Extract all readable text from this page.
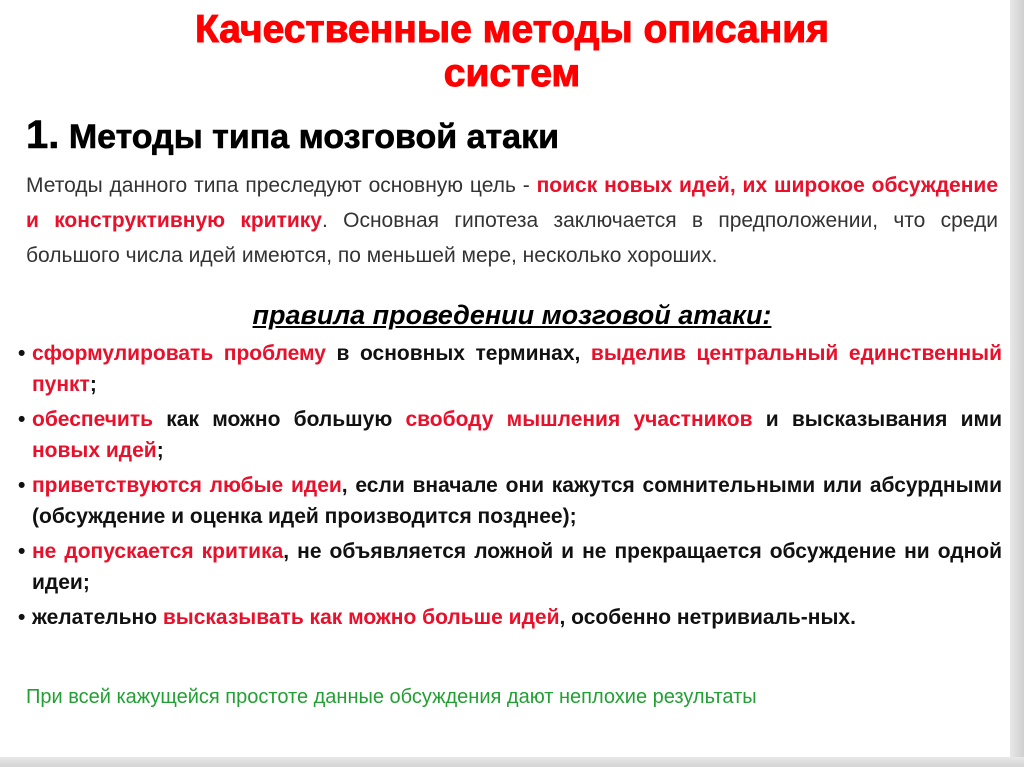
Качественные методы описания
систем
1. Методы типа мозговой атаки
Методы данного типа преследуют основную цель - поиск новых идей, их широкое обсуждение и конструктивную критику. Основная гипотеза заключается в предположении, что среди большого числа идей имеются, по меньшей мере, несколько хороших.
правила проведении мозговой атаки:
• сформулировать проблему в основных терминах, выделив центральный единственный пункт;
• обеспечить как можно большую свободу мышления участников и высказывания ими новых идей;
• приветствуются любые идеи, если вначале они кажутся сомнительными или абсурдными (обсуждение и оценка идей производится позднее);
• не допускается критика, не объявляется ложной и не прекращается обсуждение ни одной идеи;
• желательно высказывать как можно больше идей, особенно нетривиаль-ных.
При всей кажущейся простоте данные обсуждения дают неплохие результаты
